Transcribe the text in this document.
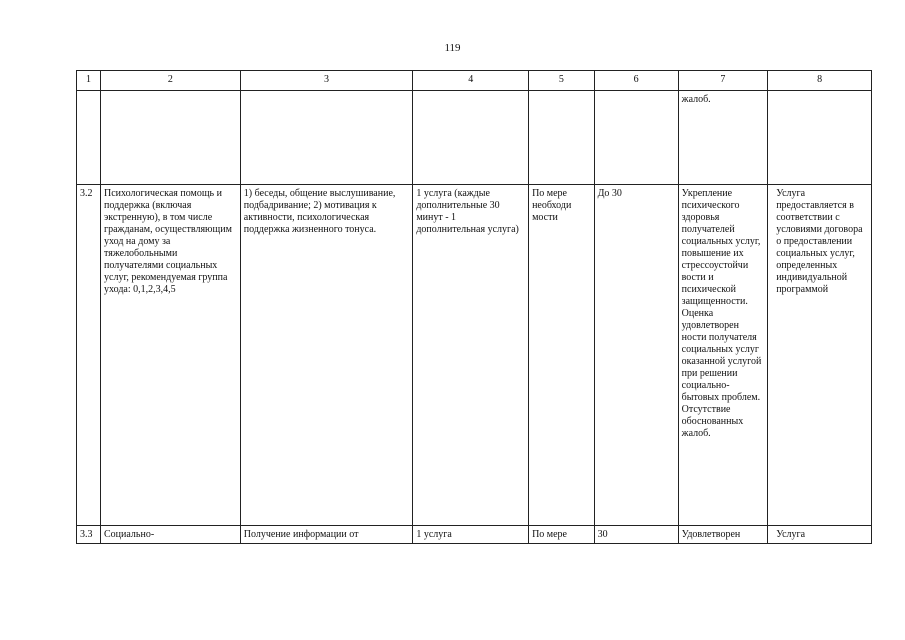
119
1	2	3	4	5	6	7	8
						жалоб.	
3.2	Психологическая помощь и поддержка (включая экстренную), в том числе гражданам, осуществляющим уход на дому за тяжелобольными получателями социальных услуг, рекомендуемая группа ухода: 0,1,2,3,4,5	1) беседы, общение выслушивание, подбадривание; 2) мотивация к активности, психологическая поддержка жизненного тонуса.	1 услуга (каждые дополнительные 30 минут - 1 дополнительная услуга)	По мере необходи мости	До 30	Укрепление психического здоровья получателей социальных услуг, повышение их стрессоустойчи вости и психической защищенности. Оценка удовлетворен ности получателя социальных услуг оказанной услугой при решении социально-бытовых проблем. Отсутствие обоснованных жалоб.	Услуга предоставляется в соответствии с условиями договора о предоставлении социальных услуг, определенных индивидуальной программой
3.3	Социально-	Получение информации от	1 услуга	По мере	30	Удовлетворен	Услуга
